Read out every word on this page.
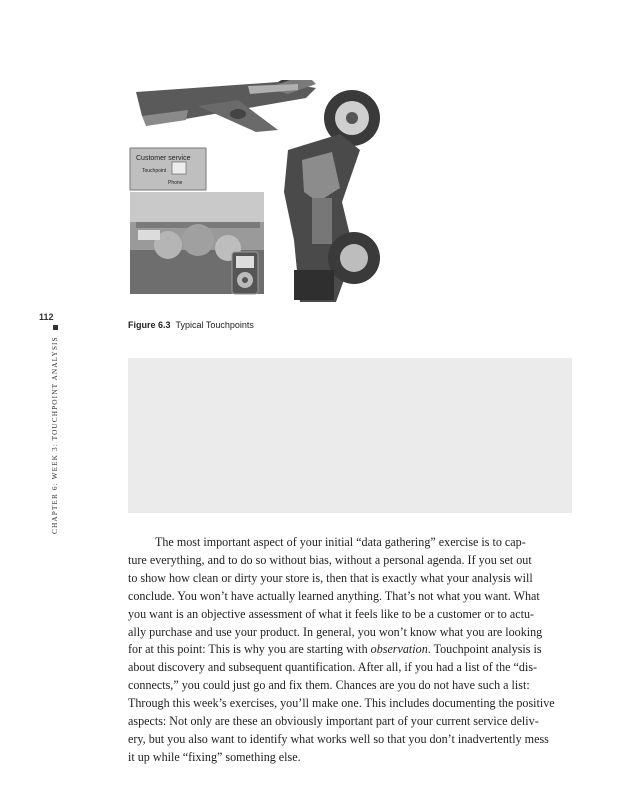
112
CHAPTER 6: WEEK 3: TOUCHPOINT ANALYSIS
Customer service
Touchpoint
Phone
Figure 6.3 Typical Touchpoints
The most important aspect of your initial “data gathering” exercise is to cap-
ture everything, and to do so without bias, without a personal agenda. If you set out
to show how clean or dirty your store is, then that is exactly what your analysis will
conclude. You won’t have actually learned anything. That’s not what you want. What
you want is an objective assessment of what it feels like to be a customer or to actu-
ally purchase and use your product. In general, you won’t know what you are looking
for at this point: This is why you are starting with observation. Touchpoint analysis is
about discovery and subsequent quantification. After all, if you had a list of the “dis-
connects,” you could just go and fix them. Chances are you do not have such a list:
Through this week’s exercises, you’ll make one. This includes documenting the positive
aspects: Not only are these an obviously important part of your current service deliv-
ery, but you also want to identify what works well so that you don’t inadvertently mess
it up while “fixing” something else.
